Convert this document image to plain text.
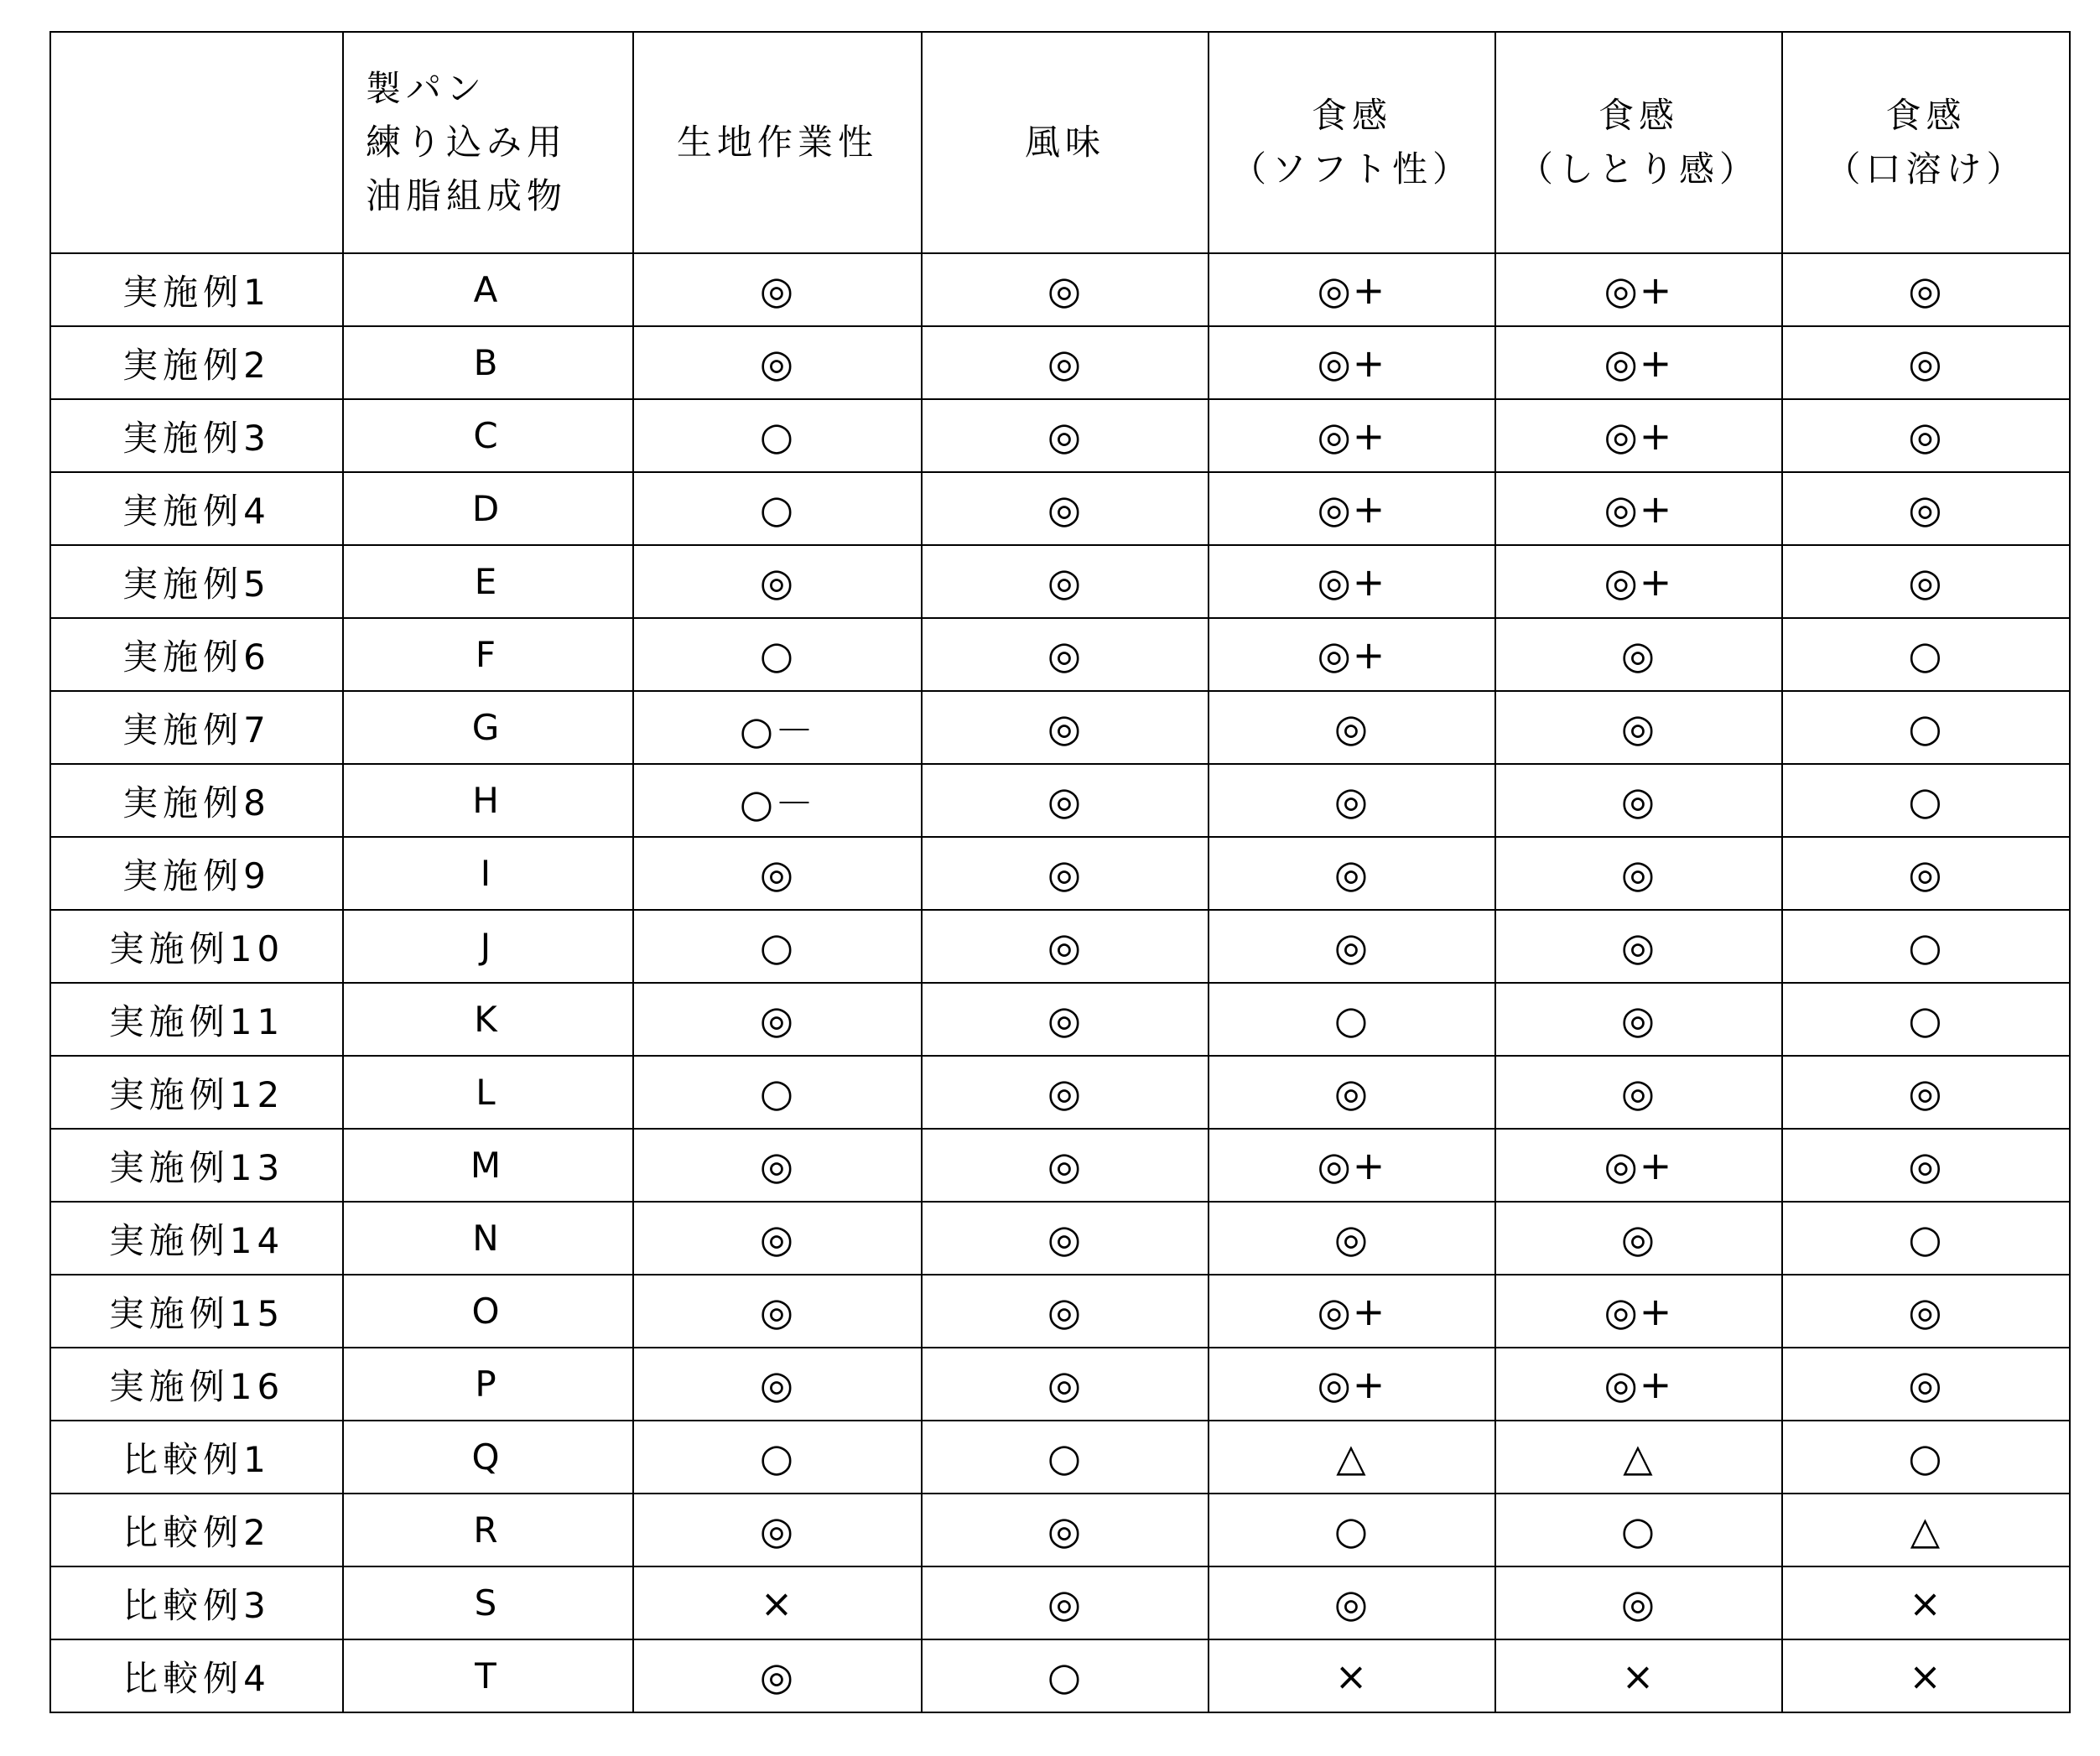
	製パン
練り込み用
油脂組成物	生地作業性	風味	食感
（ソフト性）	食感
（しとり感）	食感
（口溶け）
実施例1	A	◎	◎	◎+	◎+	◎
実施例2	B	◎	◎	◎+	◎+	◎
実施例3	C	○	◎	◎+	◎+	◎
実施例4	D	○	◎	◎+	◎+	◎
実施例5	E	◎	◎	◎+	◎+	◎
実施例6	F	○	◎	◎+	◎	○
実施例7	G	○－	◎	◎	◎	○
実施例8	H	○－	◎	◎	◎	○
実施例9	I	◎	◎	◎	◎	◎
実施例10	J	○	◎	◎	◎	○
実施例11	K	◎	◎	○	◎	○
実施例12	L	○	◎	◎	◎	◎
実施例13	M	◎	◎	◎+	◎+	◎
実施例14	N	◎	◎	◎	◎	○
実施例15	O	◎	◎	◎+	◎+	◎
実施例16	P	◎	◎	◎+	◎+	◎
比較例1	Q	○	○	△	△	○
比較例2	R	◎	◎	○	○	△
比較例3	S	×	◎	◎	◎	×
比較例4	T	◎	○	×	×	×
